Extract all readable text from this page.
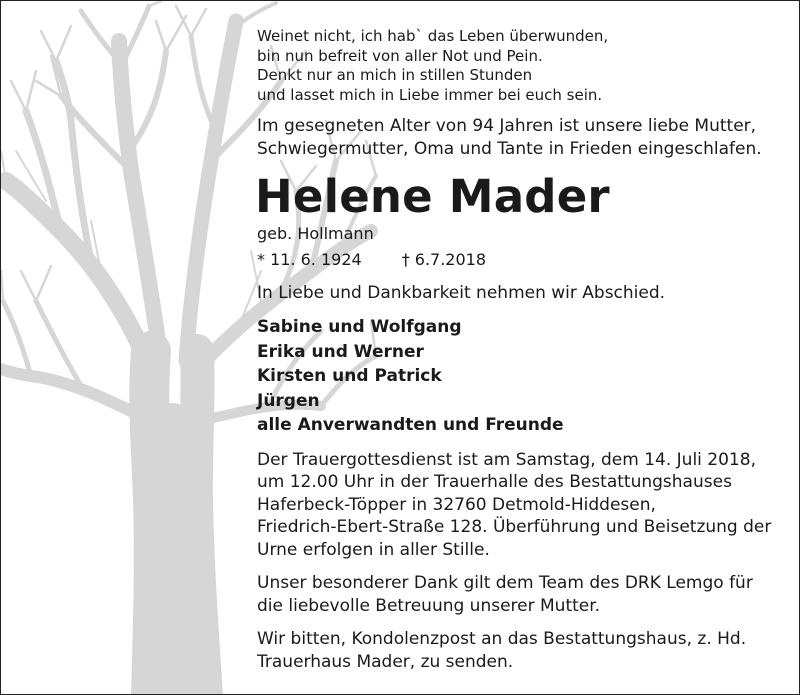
Weinet nicht, ich hab` das Leben überwunden,
bin nun befreit von aller Not und Pein.
Denkt nur an mich in stillen Stunden
und lasset mich in Liebe immer bei euch sein.
Im gesegneten Alter von 94 Jahren ist unsere liebe Mutter,
Schwiegermutter, Oma und Tante in Frieden eingeschlafen.
Helene Mader
geb. Hollmann
* 11. 6. 1924	† 6.7.2018
In Liebe und Dankbarkeit nehmen wir Abschied.
Sabine und Wolfgang
Erika und Werner
Kirsten und Patrick
Jürgen
alle Anverwandten und Freunde
Der Trauergottesdienst ist am Samstag, dem 14. Juli 2018,
um 12.00 Uhr in der Trauerhalle des Bestattungshauses
Haferbeck-Töpper in 32760 Detmold-Hiddesen,
Friedrich-Ebert-Straße 128. Überführung und Beisetzung der
Urne erfolgen in aller Stille.
Unser besonderer Dank gilt dem Team des DRK Lemgo für
die liebevolle Betreuung unserer Mutter.
Wir bitten, Kondolenzpost an das Bestattungshaus, z. Hd.
Trauerhaus Mader, zu senden.
